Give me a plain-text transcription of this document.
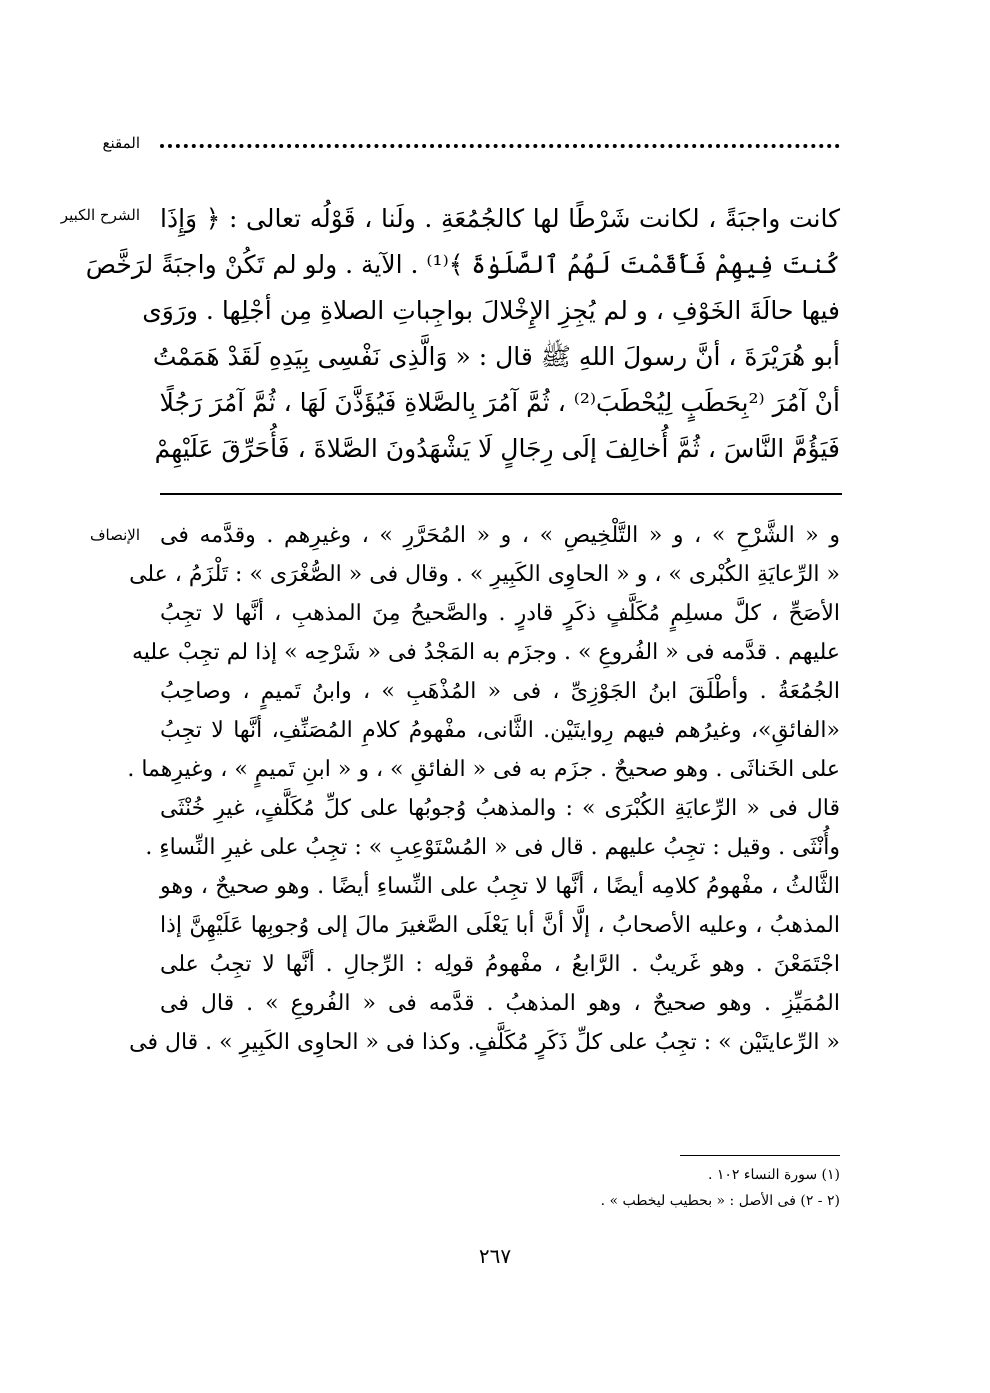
المقنع
الشرح الكبير كانت واجبَةً ، لكانت شَرْطًا لها كالجُمُعَةِ . ولَنا ، قَوْلُه تعالى : ﴿ وَإِذَا

كُنتَ فِيهِمْ فَأَقَمْتَ لَهُمُ ٱلصَّلَوٰةَ ﴾⁽¹⁾ . الآية . ولو لم تَكُنْ واجبَةً لرَخَّصَ

فيها حالَةَ الخَوْفِ ، و لم يُجِزِ الإِخْلالَ بواجِباتِ الصلاةِ مِن أجْلِها . ورَوَى

أبو هُرَيْرَةَ ، أنَّ رسولَ اللهِ ﷺ قال : « وَالَّذِى نَفْسِى بِيَدِهِ لَقَدْ هَمَمْتُ

أنْ آمُرَ ⁽²بِحَطَبٍ لِيُحْطَبَ⁽²⁾ ، ثُمَّ آمُرَ بِالصَّلاةِ فَيُؤَذَّنَ لَهَا ، ثُمَّ آمُرَ رَجُلًا

فَيَؤُمَّ النَّاسَ ، ثُمَّ أُخالِفَ إلَى رِجَالٍ لَا يَشْهَدُونَ الصَّلاةَ ، فَأُحَرِّقَ عَلَيْهِمْ

الإنصاف و « الشَّرْحِ » ، و « التَّلْخِيصِ » ، و « المُحَرَّرِ » ، وغيرِهم . وقدَّمه فى

« الرِّعايَةِ الكُبْرى » ، و « الحاوِى الكَبِيرِ » . وقال فى « الصُّغْرَى » : تَلْزَمُ ، على

الأصَحِّ ، كلَّ مسلِمٍ مُكَلَّفٍ ذكَرٍ قادرٍ . والصَّحيحُ مِنَ المذهبِ ، أنَّها لا تجِبُ

عليهم . قدَّمه فى « الفُروعِ » . وجزَم به المَجْدُ فى « شَرْحِه » إذا لم تجِبْ عليه

الجُمُعَةُ . وأطْلَقَ ابنُ الجَوْزِىِّ ، فى « المُذْهَبِ » ، وابنُ تَميمٍ ، وصاحِبُ

«الفائقِ»، وغيرُهم فيهم رِوايتَيْن. الثَّانى، مفْهومُ كلامِ المُصَنِّفِ، أنَّها لا تجِبُ

على الخَناثَى . وهو صحيحٌ . جزَم به فى « الفائقِ » ، و « ابنِ تَميمٍ » ، وغيرِهما .

قال فى « الرِّعايَةِ الكُبْرَى » : والمذهبُ وُجوبُها على كلِّ مُكَلَّفٍ، غيرِ خُنْثَى

وأُنْثَى . وقيل : تجِبُ عليهم . قال فى « المُسْتَوْعِبِ » : تجِبُ على غيرِ النِّساءِ .

الثَّالثُ ، مفْهومُ كلامِه أيضًا ، أنَّها لا تجِبُ على النِّساءِ أيضًا . وهو صحيحٌ ، وهو

المذهبُ ، وعليه الأصحابُ ، إلَّا أنَّ أبا يَعْلَى الصَّغيرَ مالَ إلى وُجوبِها عَلَيْهِنَّ إذا

اجْتَمَعْنَ . وهو غَريبٌ . الرَّابعُ ، مفْهومُ قولِه : الرِّجالِ . أنَّها لا تجِبُ على

المُمَيِّزِ . وهو صحيحٌ ، وهو المذهبُ . قدَّمه فى « الفُروعِ » . قال فى

« الرِّعايتَيْن » : تجِبُ على كلِّ ذَكَرٍ مُكَلَّفٍ. وكذا فى « الحاوِى الكَبِيرِ » . قال فى

(١) سورة النساء ١٠٢ .

(٢ - ٢) فى الأصل : « بحطيب ليخطب » .

٢٦٧
